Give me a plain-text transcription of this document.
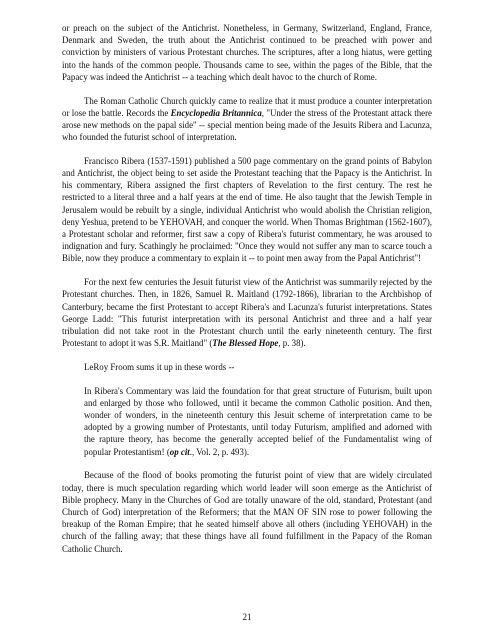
or preach on the subject of the Antichrist. Nonetheless, in Germany, Switzerland, England, France, Denmark and Sweden, the truth about the Antichrist continued to be preached with power and conviction by ministers of various Protestant churches. The scriptures, after a long hiatus, were getting into the hands of the common people. Thousands came to see, within the pages of the Bible, that the Papacy was indeed the Antichrist -- a teaching which dealt havoc to the church of Rome.

The Roman Catholic Church quickly came to realize that it must produce a counter interpretation or lose the battle. Records the Encyclopedia Britannica, "Under the stress of the Protestant attack there arose new methods on the papal side" -- special mention being made of the Jesuits Ribera and Lacunza, who founded the futurist school of interpretation.

Francisco Ribera (1537-1591) published a 500 page commentary on the grand points of Babylon and Antichrist, the object being to set aside the Protestant teaching that the Papacy is the Antichrist. In his commentary, Ribera assigned the first chapters of Revelation to the first century. The rest he restricted to a literal three and a half years at the end of time. He also taught that the Jewish Temple in Jerusalem would be rebuilt by a single, individual Antichrist who would abolish the Christian religion, deny Yeshua, pretend to be YEHOVAH, and conquer the world. When Thomas Brightman (1562-1607), a Protestant scholar and reformer, first saw a copy of Ribera's futurist commentary, he was aroused to indignation and fury. Scathingly he proclaimed: "Once they would not suffer any man to scarce touch a Bible, now they produce a commentary to explain it -- to point men away from the Papal Antichrist"!

For the next few centuries the Jesuit futurist view of the Antichrist was summarily rejected by the Protestant churches. Then, in 1826, Samuel R. Maitland (1792-1866), librarian to the Archbishop of Canterbury, became the first Protestant to accept Ribera's and Lacunza's futurist interpretations. States George Ladd: "This futurist interpretation with its personal Antichrist and three and a half year tribulation did not take root in the Protestant church until the early nineteenth century. The first Protestant to adopt it was S.R. Maitland" (The Blessed Hope, p. 38).

LeRoy Froom sums it up in these words --

In Ribera's Commentary was laid the foundation for that great structure of Futurism, built upon and enlarged by those who followed, until it became the common Catholic position. And then, wonder of wonders, in the nineteenth century this Jesuit scheme of interpretation came to be adopted by a growing number of Protestants, until today Futurism, amplified and adorned with the rapture theory, has become the generally accepted belief of the Fundamentalist wing of popular Protestantism! (op cit., Vol. 2, p. 493).

Because of the flood of books promoting the futurist point of view that are widely circulated today, there is much speculation regarding which world leader will soon emerge as the Antichrist of Bible prophecy. Many in the Churches of God are totally unaware of the old, standard, Protestant (and Church of God) interpretation of the Reformers; that the MAN OF SIN rose to power following the breakup of the Roman Empire; that he seated himself above all others (including YEHOVAH) in the church of the falling away; that these things have all found fulfillment in the Papacy of the Roman Catholic Church.

21
